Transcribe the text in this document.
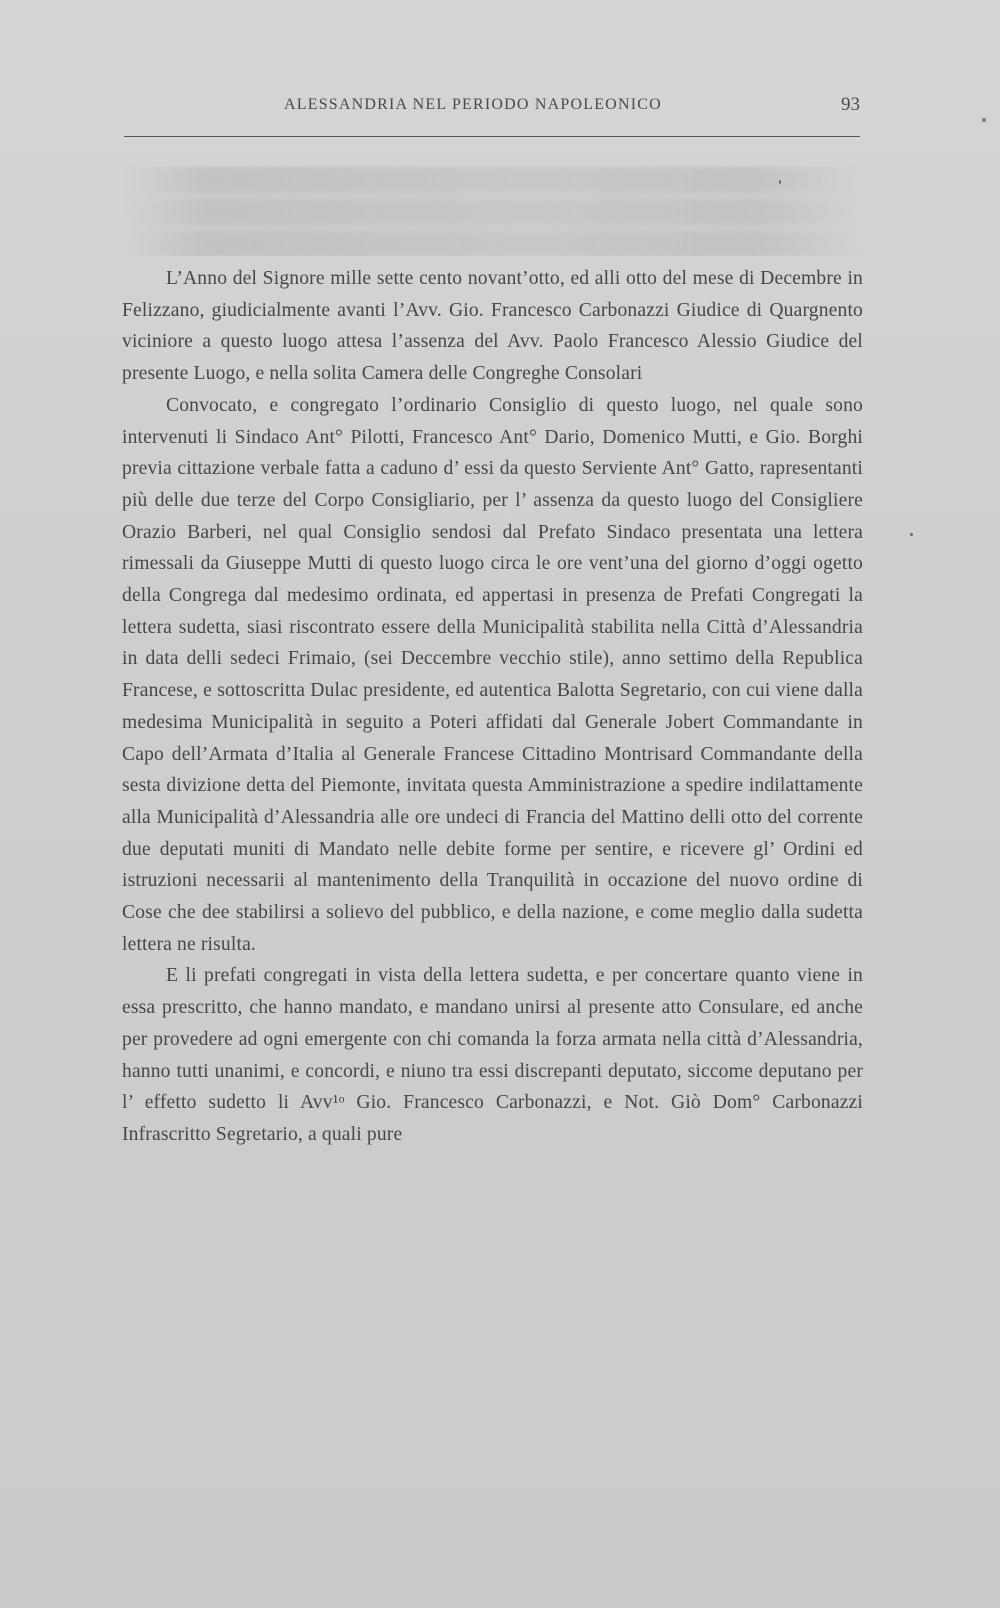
ALESSANDRIA NEL PERIODO NAPOLEONICO	93

L’Anno del Signore mille sette cento novant’otto, ed alli otto del mese di Decembre in Felizzano, giudicialmente avanti l’Avv. Gio. Francesco Carbonazzi Giudice di Quargnento viciniore a questo luogo attesa l’assenza del Avv. Paolo Francesco Alessio Giudice del presente Luogo, e nella solita Camera delle Congreghe Consolari

Convocato, e congregato l’ordinario Consiglio di questo luogo, nel quale sono intervenuti li Sindaco Ant° Pilotti, Francesco Ant° Dario, Domenico Mutti, e Gio. Borghi previa cittazione verbale fatta a caduno d’ essi da questo Serviente Ant° Gatto, rapresentanti più delle due terze del Corpo Consigliario, per l’ assenza da questo luogo del Consigliere Orazio Barberi, nel qual Consiglio sendosi dal Prefato Sindaco presentata una lettera rimessali da Giuseppe Mutti di questo luogo circa le ore vent’una del giorno d’oggi ogetto della Congrega dal medesimo ordinata, ed appertasi in presenza de Prefati Congregati la lettera sudetta, siasi riscontrato essere della Municipalità stabilita nella Città d’Alessandria in data delli sedeci Frimaio, (sei Deccembre vecchio stile), anno settimo della Republica Francese, e sottoscritta Dulac presidente, ed autentica Balotta Segretario, con cui viene dalla medesima Municipalità in seguito a Poteri affidati dal Generale Jobert Commandante in Capo dell’Armata d’Italia al Generale Francese Cittadino Montrisard Commandante della sesta divizione detta del Piemonte, invitata questa Amministrazione a spedire indilattamente alla Municipalità d’Alessandria alle ore undeci di Francia del Mattino delli otto del corrente due deputati muniti di Mandato nelle debite forme per sentire, e ricevere gl’ Ordini ed istruzioni necessarii al mantenimento della Tranquilità in occazione del nuovo ordine di Cose che dee stabilirsi a solievo del pubblico, e della nazione, e come meglio dalla sudetta lettera ne risulta.

E li prefati congregati in vista della lettera sudetta, e per concertare quanto viene in essa prescritto, che hanno mandato, e mandano unirsi al presente atto Consulare, ed anche per provedere ad ogni emergente con chi comanda la forza armata nella città d’Alessandria, hanno tutti unanimi, e concordi, e niuno tra essi discrepanti deputato, siccome deputano per l’ effetto sudetto li Avv¹ᵒ Gio. Francesco Carbonazzi, e Not. Giò Dom° Carbonazzi Infrascritto Segretario, a quali pure
